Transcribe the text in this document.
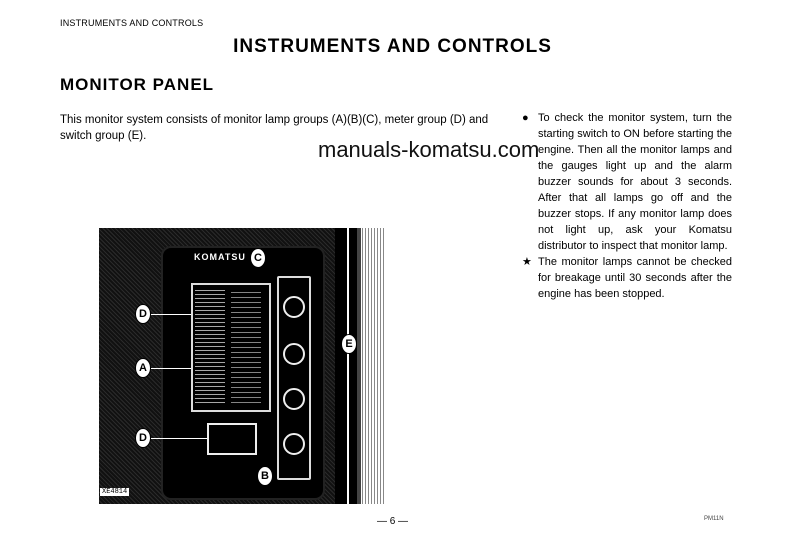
INSTRUMENTS AND CONTROLS
INSTRUMENTS AND CONTROLS
MONITOR PANEL
This monitor system consists of monitor lamp groups (A)(B)(C), meter group (D) and switch group (E).
manuals-komatsu.com
● To check the monitor system, turn the starting switch to ON before starting the engine. Then all the monitor lamps and the gauges light up and the alarm buzzer sounds for about 3 seconds. After that all lamps go off and the buzzer stops. If any monitor lamp does not light up, ask your Komatsu distributor to inspect that monitor lamp.
★ The monitor lamps cannot be checked for breakage until 30 seconds after the engine has been stopped.
KOMATSU
D
A
D
C
B
XE4814
E
— 6 —	PM11N
